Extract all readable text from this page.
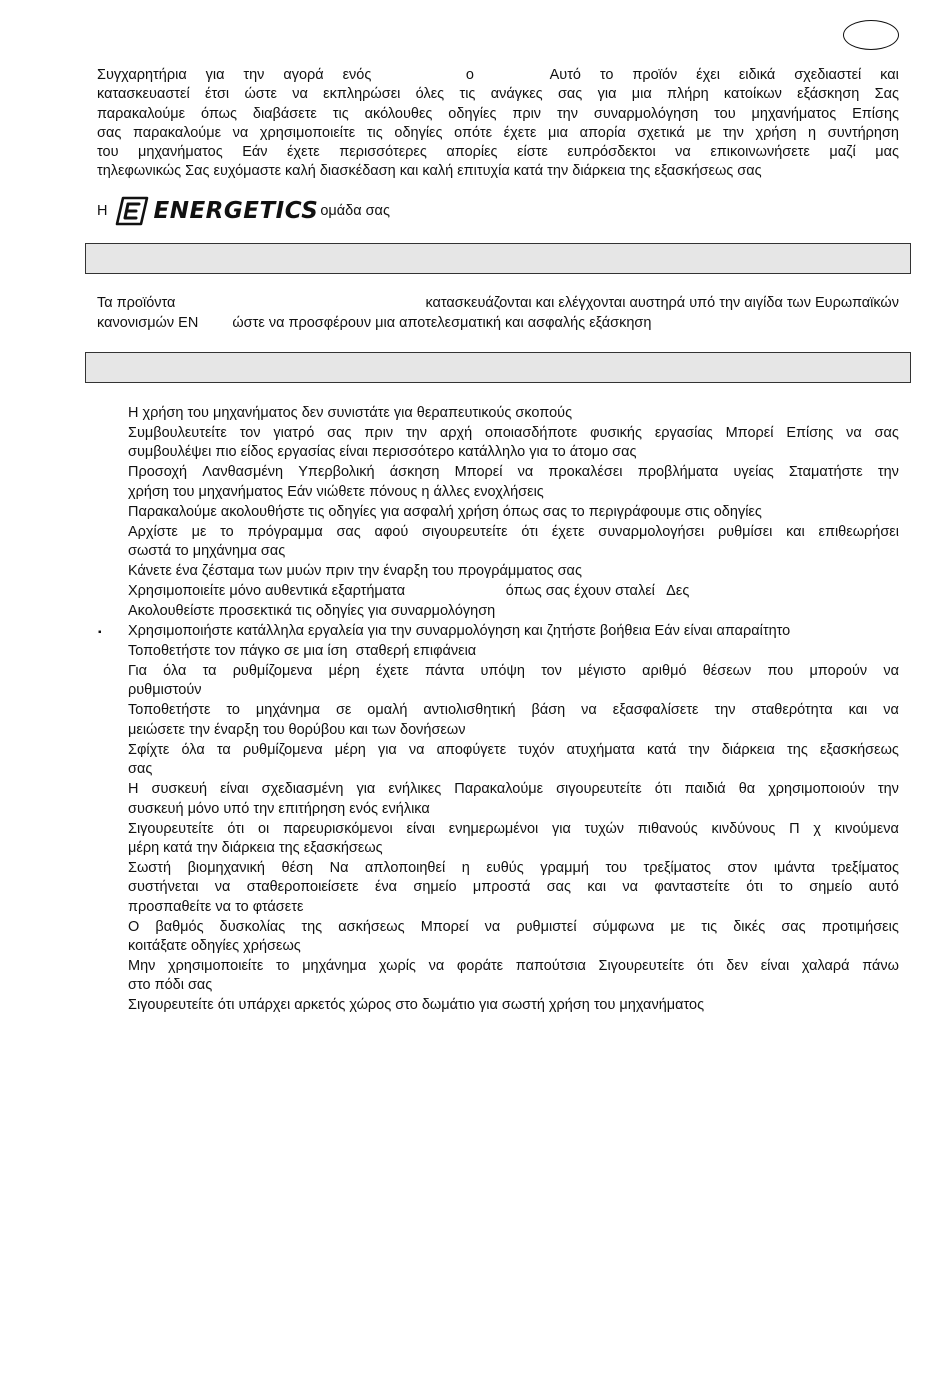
Συγχαρητήρια για την αγορά ενός	ο	Αυτό το προϊόν έχει ειδικά σχεδιαστεί και

κατασκευαστεί έτσι ώστε να εκπληρώσει όλες τις ανάγκες σας για μια πλήρη κατοίκων εξάσκηση Σας

παρακαλούμε όπως διαβάσετε τις ακόλουθες οδηγίες πριν την συναρμολόγηση του μηχανήματος Επίσης

σας παρακαλούμε να χρησιμοποιείτε τις οδηγίες οπότε έχετε μια απορία σχετικά με την χρήση η συντήρηση

του μηχανήματος Εάν έχετε περισσότερες απορίες είστε ευπρόσδεκτοι να επικοινωνήσετε μαζί μας

τηλεφωνικώς Σας ευχόμαστε καλή διασκέδαση και καλή επιτυχία κατά την διάρκεια της εξασκήσεως σας

Η ENERGETICS ομάδα σας

Τα προϊόντα	κατασκευάζονται και ελέγχονται αυστηρά υπό την αιγίδα των Ευρωπαϊκών

κανονισμών EN ώστε να προσφέρουν μια αποτελεσματική και ασφαλής εξάσκηση

▪
Η χρήση του μηχανήματος δεν συνιστάτε για θεραπευτικούς σκοπούς
Συμβουλευτείτε τον γιατρό σας πριν την αρχή οποιασδήποτε φυσικής εργασίας Μπορεί Επίσης να σας
συμβουλέψει πιο είδος εργασίας είναι περισσότερο κατάλληλο για το άτομο σας
Προσοχή Λανθασμένη Υπερβολική άσκηση Μπορεί να προκαλέσει προβλήματα υγείας Σταματήστε την
χρήση του μηχανήματος Εάν νιώθετε πόνους η άλλες ενοχλήσεις
Παρακαλούμε ακολουθήστε τις οδηγίες για ασφαλή χρήση όπως σας το περιγράφουμε στις οδηγίες
Αρχίστε με το πρόγραμμα σας αφού σιγουρευτείτε ότι έχετε συναρμολογήσει ρυθμίσει και επιθεωρήσει
σωστά το μηχάνημα σας
Κάνετε ένα ζέσταμα των μυών πριν την έναρξη του προγράμματος σας
Χρησιμοποιείτε μόνο αυθεντικά εξαρτήματα                         όπως σας έχουν σταλεί   Δες
Ακολουθείστε προσεκτικά τις οδηγίες για συναρμολόγηση
Χρησιμοποιήστε κατάλληλα εργαλεία για την συναρμολόγηση και ζητήστε βοήθεια Εάν είναι απαραίτητο
Τοποθετήστε τον πάγκο σε μια ίση  σταθερή επιφάνεια
Για όλα τα ρυθμίζομενα μέρη έχετε πάντα υπόψη τον μέγιστο αριθμό θέσεων που μπορούν να
ρυθμιστούν
Τοποθετήστε το μηχάνημα σε ομαλή αντιολισθητική βάση να εξασφαλίσετε την σταθερότητα και να
μειώσετε την έναρξη του θορύβου και των δονήσεων
Σφίχτε όλα τα ρυθμίζομενα μέρη για να αποφύγετε τυχόν ατυχήματα κατά την διάρκεια της εξασκήσεως
σας
Η συσκευή είναι σχεδιασμένη για ενήλικες Παρακαλούμε σιγουρευτείτε ότι παιδιά θα χρησιμοποιούν την
συσκευή μόνο υπό την επιτήρηση ενός ενήλικα
Σιγουρευτείτε ότι οι παρευρισκόμενοι είναι ενημερωμένοι για τυχών πιθανούς κινδύνους Π χ κινούμενα
μέρη κατά την διάρκεια της εξασκήσεως
Σωστή βιομηχανική θέση Να απλοποιηθεί η ευθύς γραμμή του τρεξίματος στον ιμάντα τρεξίματος
συστήνεται να σταθεροποιείσετε ένα σημείο μπροστά σας και να φανταστείτε ότι το σημείο αυτό
προσπαθείτε να το φτάσετε
Ο βαθμός δυσκολίας της ασκήσεως Μπορεί να ρυθμιστεί σύμφωνα με τις δικές σας προτιμήσεις
κοιτάξατε οδηγίες χρήσεως
Μην χρησιμοποιείτε το μηχάνημα χωρίς να φοράτε παπούτσια Σιγουρευτείτε ότι δεν είναι χαλαρά πάνω
στο πόδι σας
Σιγουρευτείτε ότι υπάρχει αρκετός χώρος στο δωμάτιο για σωστή χρήση του μηχανήματος
